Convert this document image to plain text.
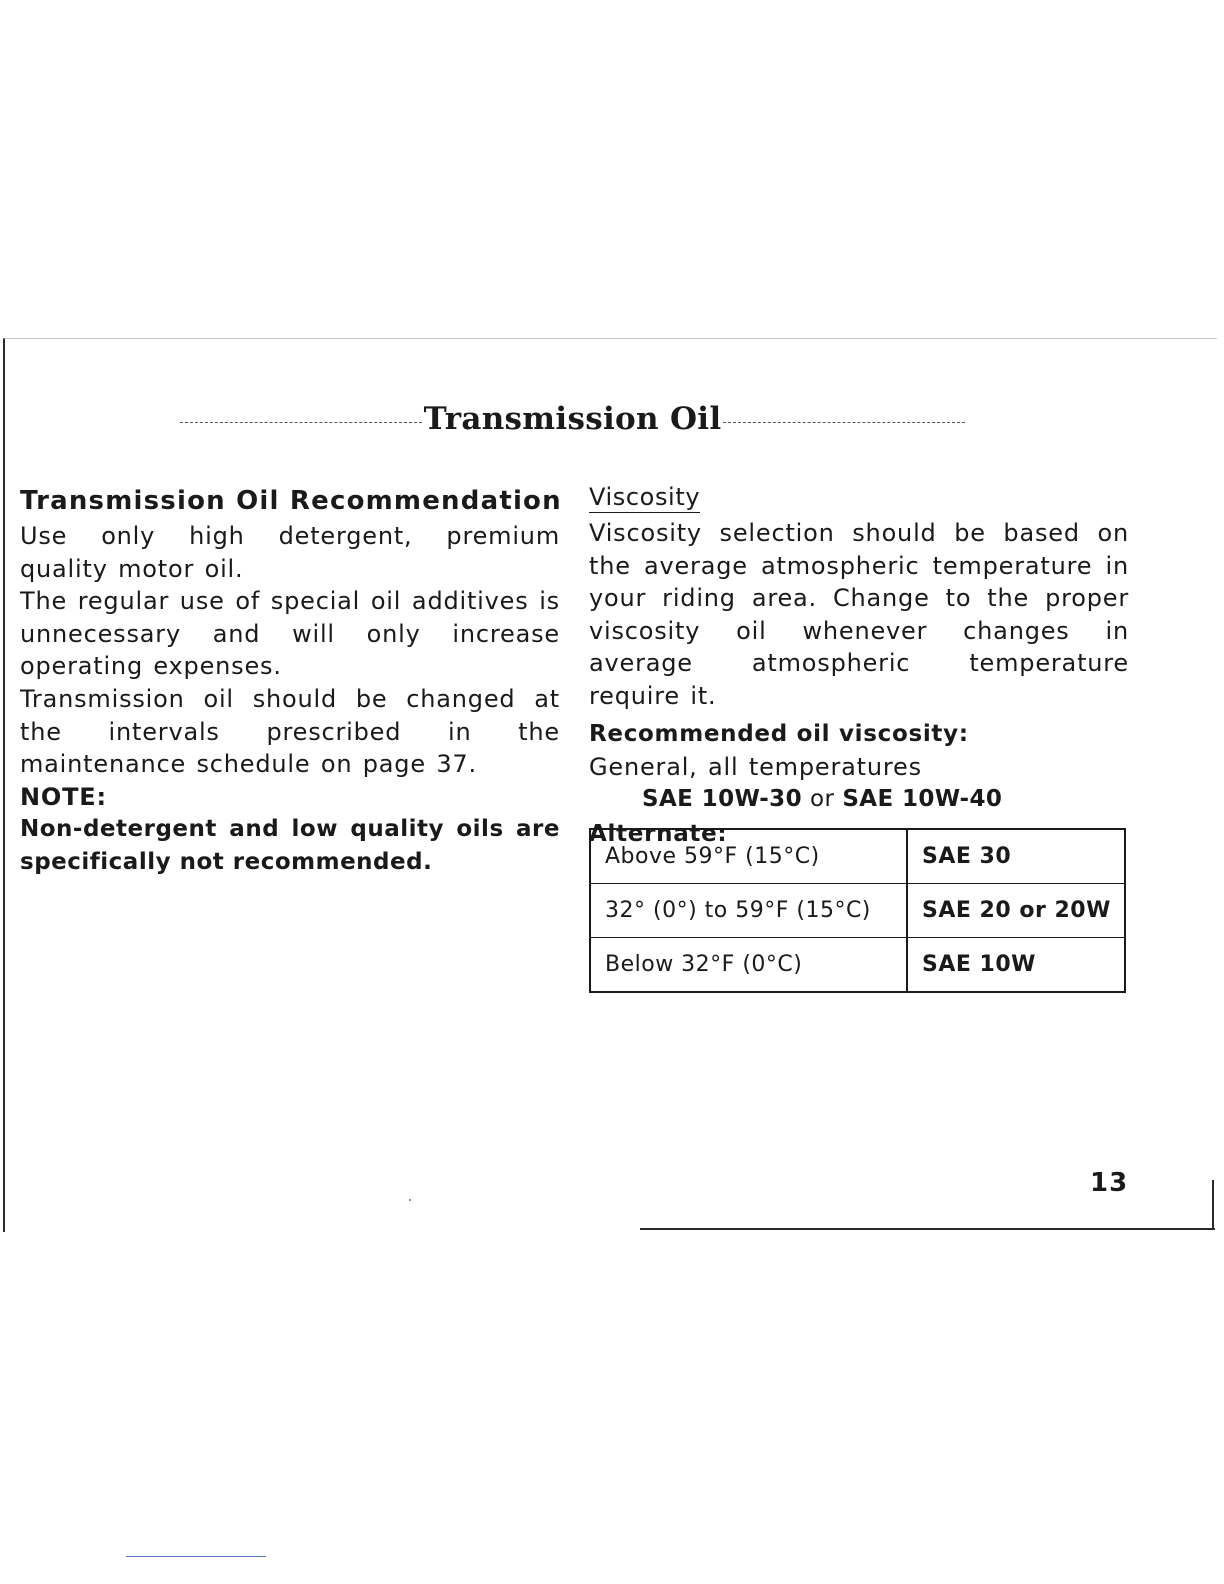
Transmission Oil
Transmission Oil Recommendation

Use only high detergent, premium quality motor oil.

The regular use of special oil additives is unnecessary and will only increase operating expenses.

Transmission oil should be changed at the intervals prescribed in the maintenance schedule on page 37.

NOTE:

Non-detergent and low quality oils are specifically not recommended.

Viscosity

Viscosity selection should be based on the average atmospheric temperature in your riding area. Change to the proper viscosity oil whenever changes in average atmospheric temperature require it.

Recommended oil viscosity:

General, all temperatures

SAE 10W-30 or SAE 10W-40

Alternate:

Above 59°F (15°C)	SAE 30
32° (0°) to 59°F (15°C)	SAE 20 or 20W
Below 32°F (0°C)	SAE 10W
13
